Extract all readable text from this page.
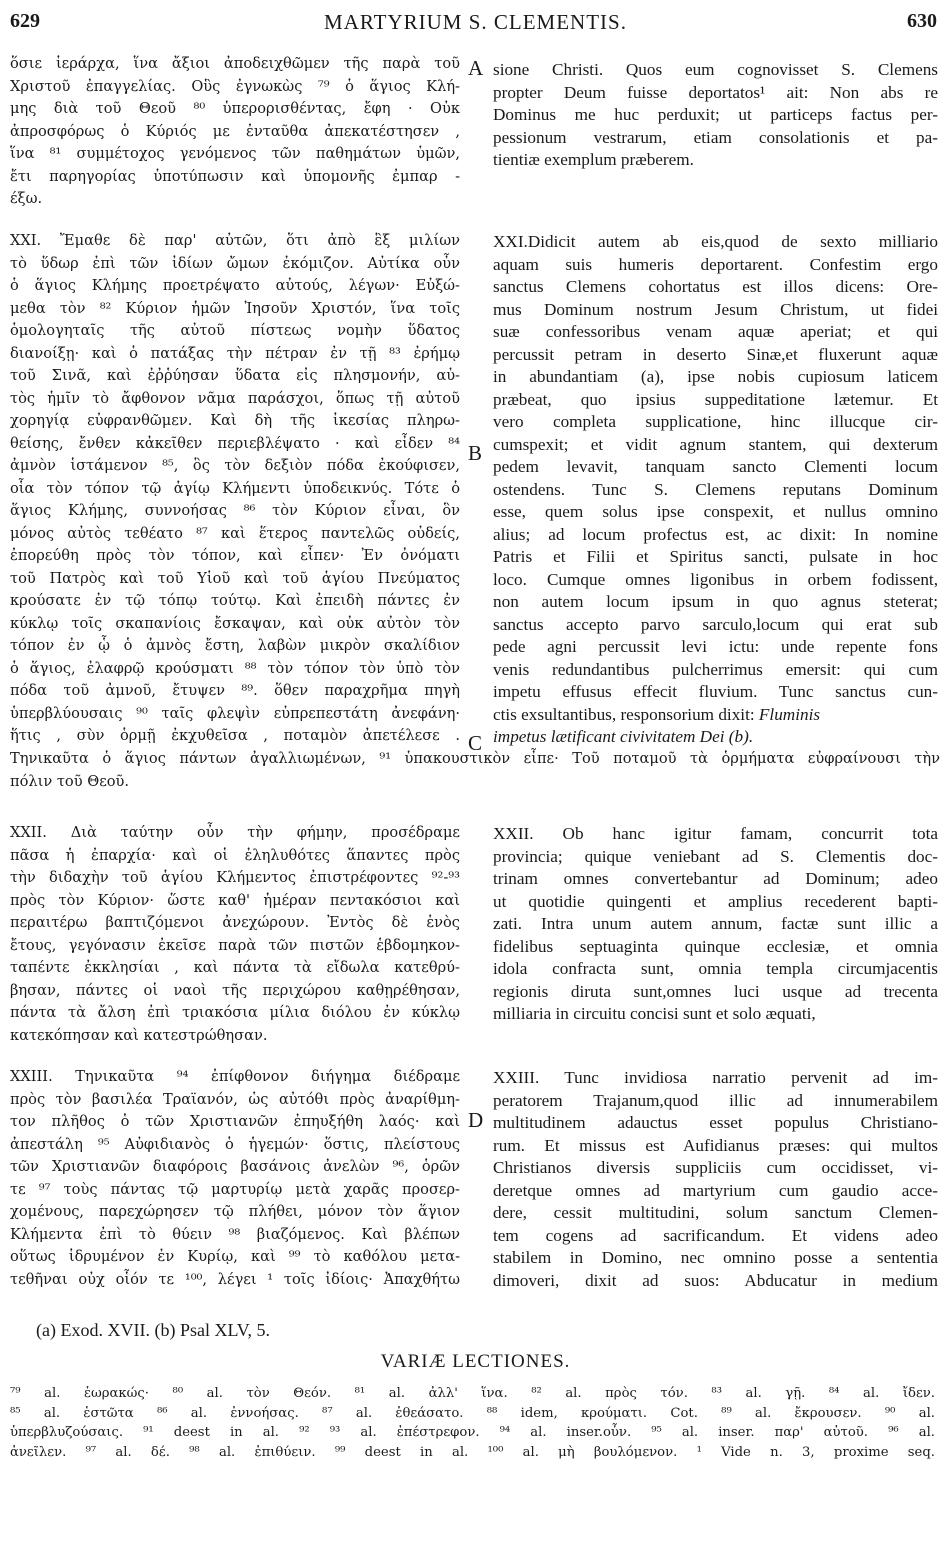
629	MARTYRIUM S. CLEMENTIS.	630
A
B
C
D
ὅσιε ἱεράρχα, ἵνα ἄξιοι ἀποδειχθῶμεν τῆς παρὰ τοῦ
Χριστοῦ ἐπαγγελίας. Οὓς ἐγνωκὼς ⁷⁹ ὁ ἅγιος Κλή-
μης διὰ τοῦ Θεοῦ ⁸⁰ ὑπερορισθέντας, ἔφη · Οὐκ
ἀπροσφόρως ὁ Κύριός με ἐνταῦθα ἀπεκατέστησεν ,
ἵνα ⁸¹ συμμέτοχος γενόμενος τῶν παθημάτων ὑμῶν,
ἔτι παρηγορίας ὑποτύπωσιν καὶ ὑπομονῆς ἐμπαρ -
έξω.
sione Christi. Quos eum cognovisset S. Clemens
propter Deum fuisse deportatos¹ ait: Non abs re
Dominus me huc perduxit; ut particeps factus per-
pessionum vestrarum, etiam consolationis et pa-
tientiæ exemplum præberem.
XXI. Ἔμαθε δὲ παρ' αὐτῶν, ὅτι ἀπὸ ἓξ μιλίων
τὸ ὕδωρ ἐπὶ τῶν ἰδίων ὤμων ἐκόμιζον. Αὐτίκα οὖν
ὁ ἅγιος Κλήμης προετρέψατο αὐτούς, λέγων· Εὐξώ-
μεθα τὸν ⁸² Κύριον ἡμῶν Ἰησοῦν Χριστόν, ἵνα τοῖς
ὁμολογηταῖς τῆς αὐτοῦ πίστεως νομὴν ὕδατος
διανοίξῃ· καὶ ὁ πατάξας τὴν πέτραν ἐν τῇ ⁸³ ἐρήμῳ
τοῦ Σινᾶ, καὶ ἐῤῥύησαν ὕδατα εἰς πλησμονήν, αὐ-
τὸς ἡμῖν τὸ ἄφθονον νᾶμα παράσχοι, ὅπως τῇ αὐτοῦ
χορηγίᾳ εὐφρανθῶμεν. Καὶ δὴ τῆς ἱκεσίας πληρω-
θείσης, ἔνθεν κἀκεῖθεν περιεβλέψατο · καὶ εἶδεν ⁸⁴
ἀμνὸν ἱστάμενον ⁸⁵, ὃς τὸν δεξιὸν πόδα ἐκούφισεν,
οἷα τὸν τόπον τῷ ἁγίῳ Κλήμεντι ὑποδεικνύς. Τότε ὁ
ἅγιος Κλήμης, συννοήσας ⁸⁶ τὸν Κύριον εἶναι, ὃν
μόνος αὐτὸς τεθέατο ⁸⁷ καὶ ἕτερος παντελῶς οὐδείς,
ἐπορεύθη πρὸς τὸν τόπον, καὶ εἶπεν· Ἐν ὀνόματι
τοῦ Πατρὸς καὶ τοῦ Υἱοῦ καὶ τοῦ ἁγίου Πνεύματος
κρούσατε ἐν τῷ τόπῳ τούτῳ. Καὶ ἐπειδὴ πάντες ἐν
κύκλῳ τοῖς σκαπανίοις ἔσκαψαν, καὶ οὐκ αὐτὸν τὸν
τόπον ἐν ᾧ ὁ ἀμνὸς ἔστη, λαβὼν μικρὸν σκαλίδιον
ὁ ἅγιος, ἐλαφρῷ κρούσματι ⁸⁸ τὸν τόπον τὸν ὑπὸ τὸν
πόδα τοῦ ἀμνοῦ, ἔτυψεν ⁸⁹. ὅθεν παραχρῆμα πηγὴ
ὑπερβλύουσαις ⁹⁰ ταῖς φλεψὶν εὐπρεπεστάτη ἀνεφάνη·
ἥτις , σὺν ὁρμῇ ἐκχυθεῖσα , ποταμὸν ἀπετέλεσε .
XXI.Didicit autem ab eis,quod de sexto milliario
aquam suis humeris deportarent. Confestim ergo
sanctus Clemens cohortatus est illos dicens: Ore-
mus Dominum nostrum Jesum Christum, ut fidei
suæ confessoribus venam aquæ aperiat; et qui
percussit petram in deserto Sinæ,et fluxerunt aquæ
in abundantiam (a), ipse nobis cupiosum laticem
præbeat, quo ipsius suppeditatione lætemur. Et
vero completa supplicatione, hinc illucque cir-
cumspexit; et vidit agnum stantem, qui dexterum
pedem levavit, tanquam sancto Clementi locum
ostendens. Tunc S. Clemens reputans Dominum
esse, quem solus ipse conspexit, et nullus omnino
alius; ad locum profectus est, ac dixit: In nomine
Patris et Filii et Spiritus sancti, pulsate in hoc
loco. Cumque omnes ligonibus in orbem fodissent,
non autem locum ipsum in quo agnus steterat;
sanctus accepto parvo sarculo,locum qui erat sub
pede agni percussit levi ictu: unde repente fons
venis redundantibus pulcherrimus emersit: qui cum
impetu effusus effecit fluvium. Tunc sanctus cun-
ctis exsultantibus, responsorium dixit: Fluminis
impetus lætificant civivitatem Dei (b).
Τηνικαῦτα ὁ ἅγιος πάντων ἀγαλλιωμένων, ⁹¹ ὑπακουστικὸν εἶπε· Τοῦ ποταμοῦ τὰ ὁρμήματα εὐφραίνουσι τὴν
πόλιν τοῦ Θεοῦ.
XXII. Διὰ ταύτην οὖν τὴν φήμην, προσέδραμε
πᾶσα ἡ ἐπαρχία· καὶ οἱ ἐληλυθότες ἅπαντες πρὸς
τὴν διδαχὴν τοῦ ἁγίου Κλήμεντος ἐπιστρέφοντες ⁹²-⁹³
πρὸς τὸν Κύριον· ὥστε καθ' ἡμέραν πεντακόσιοι καὶ
περαιτέρω βαπτιζόμενοι ἀνεχώρουν. Ἐντὸς δὲ ἑνὸς
ἔτους, γεγόνασιν ἐκεῖσε παρὰ τῶν πιστῶν ἑβδομηκον-
ταπέντε ἐκκλησίαι , καὶ πάντα τὰ εἴδωλα κατεθρύ-
βησαν, πάντες οἱ ναοὶ τῆς περιχώρου καθῃρέθησαν,
πάντα τὰ ἄλση ἐπὶ τριακόσια μίλια διόλου ἐν κύκλῳ
κατεκόπησαν καὶ κατεστρώθησαν.
XXII. Ob hanc igitur famam, concurrit tota
provincia; quique veniebant ad S. Clementis doc-
trinam omnes convertebantur ad Dominum; adeo
ut quotidie quingenti et amplius recederent bapti-
zati. Intra unum autem annum, factæ sunt illic a
fidelibus septuaginta quinque ecclesiæ, et omnia
idola confracta sunt, omnia templa circumjacentis
regionis diruta sunt,omnes luci usque ad trecenta
milliaria in circuitu concisi sunt et solo æquati,
XXIII. Τηνικαῦτα ⁹⁴ ἐπίφθονον διήγημα διέδραμε
πρὸς τὸν βασιλέα Τραϊανόν, ὡς αὐτόθι πρὸς ἀναρίθμη-
τον πλῆθος ὁ τῶν Χριστιανῶν ἐπηυξήθη λαός· καὶ
ἀπεστάλη ⁹⁵ Αὐφιδιανὸς ὁ ἡγεμών· ὅστις, πλείστους
τῶν Χριστιανῶν διαφόροις βασάνοις ἀνελὼν ⁹⁶, ὁρῶν
τε ⁹⁷ τοὺς πάντας τῷ μαρτυρίῳ μετὰ χαρᾶς προσερ-
χομένους, παρεχώρησεν τῷ πλήθει, μόνον τὸν ἅγιον
Κλήμεντα ἐπὶ τὸ θύειν ⁹⁸ βιαζόμενος. Καὶ βλέπων
οὕτως ἱδρυμένον ἐν Κυρίῳ, καὶ ⁹⁹ τὸ καθόλου μετα-
τεθῆναι οὐχ οἷόν τε ¹⁰⁰, λέγει ¹ τοῖς ἰδίοις· Ἀπαχθήτω
XXIII. Tunc invidiosa narratio pervenit ad im-
peratorem Trajanum,quod illic ad innumerabilem
multitudinem adauctus esset populus Christiano-
rum. Et missus est Aufidianus præses: qui multos
Christianos diversis suppliciis cum occidisset, vi-
deretque omnes ad martyrium cum gaudio acce-
dere, cessit multitudini, solum sanctum Clemen-
tem cogens ad sacrificandum. Et videns adeo
stabilem in Domino, nec omnino posse a sententia
dimoveri, dixit ad suos: Abducatur in medium
(a) Exod. XVII. (b) Psal XLV, 5.
VARIÆ LECTIONES.
⁷⁹ al. ἑωρακώς· ⁸⁰ al. τὸν Θεόν. ⁸¹ al. ἀλλ' ἵνα. ⁸² al. πρὸς τόν. ⁸³ al. γῇ. ⁸⁴ al. ἴδεν.
⁸⁵ al. ἑστῶτα ⁸⁶ al. ἐννοήσας. ⁸⁷ al. ἐθεάσατο. ⁸⁸ idem, κρούματι. Cot. ⁸⁹ al. ἔκρουσεν. ⁹⁰ al.
ὑπερβλυζούσαις. ⁹¹ deest in al. ⁹² ⁹³ al. ἐπέστρεφον. ⁹⁴ al. inser.οὖν. ⁹⁵ al. inser. παρ' αὐτοῦ. ⁹⁶ al.
ἀνεῖλεν. ⁹⁷ al. δέ. ⁹⁸ al. ἐπιθύειν. ⁹⁹ deest in al. ¹⁰⁰ al. μὴ βουλόμενον. ¹ Vide n. 3, proxime seq.
